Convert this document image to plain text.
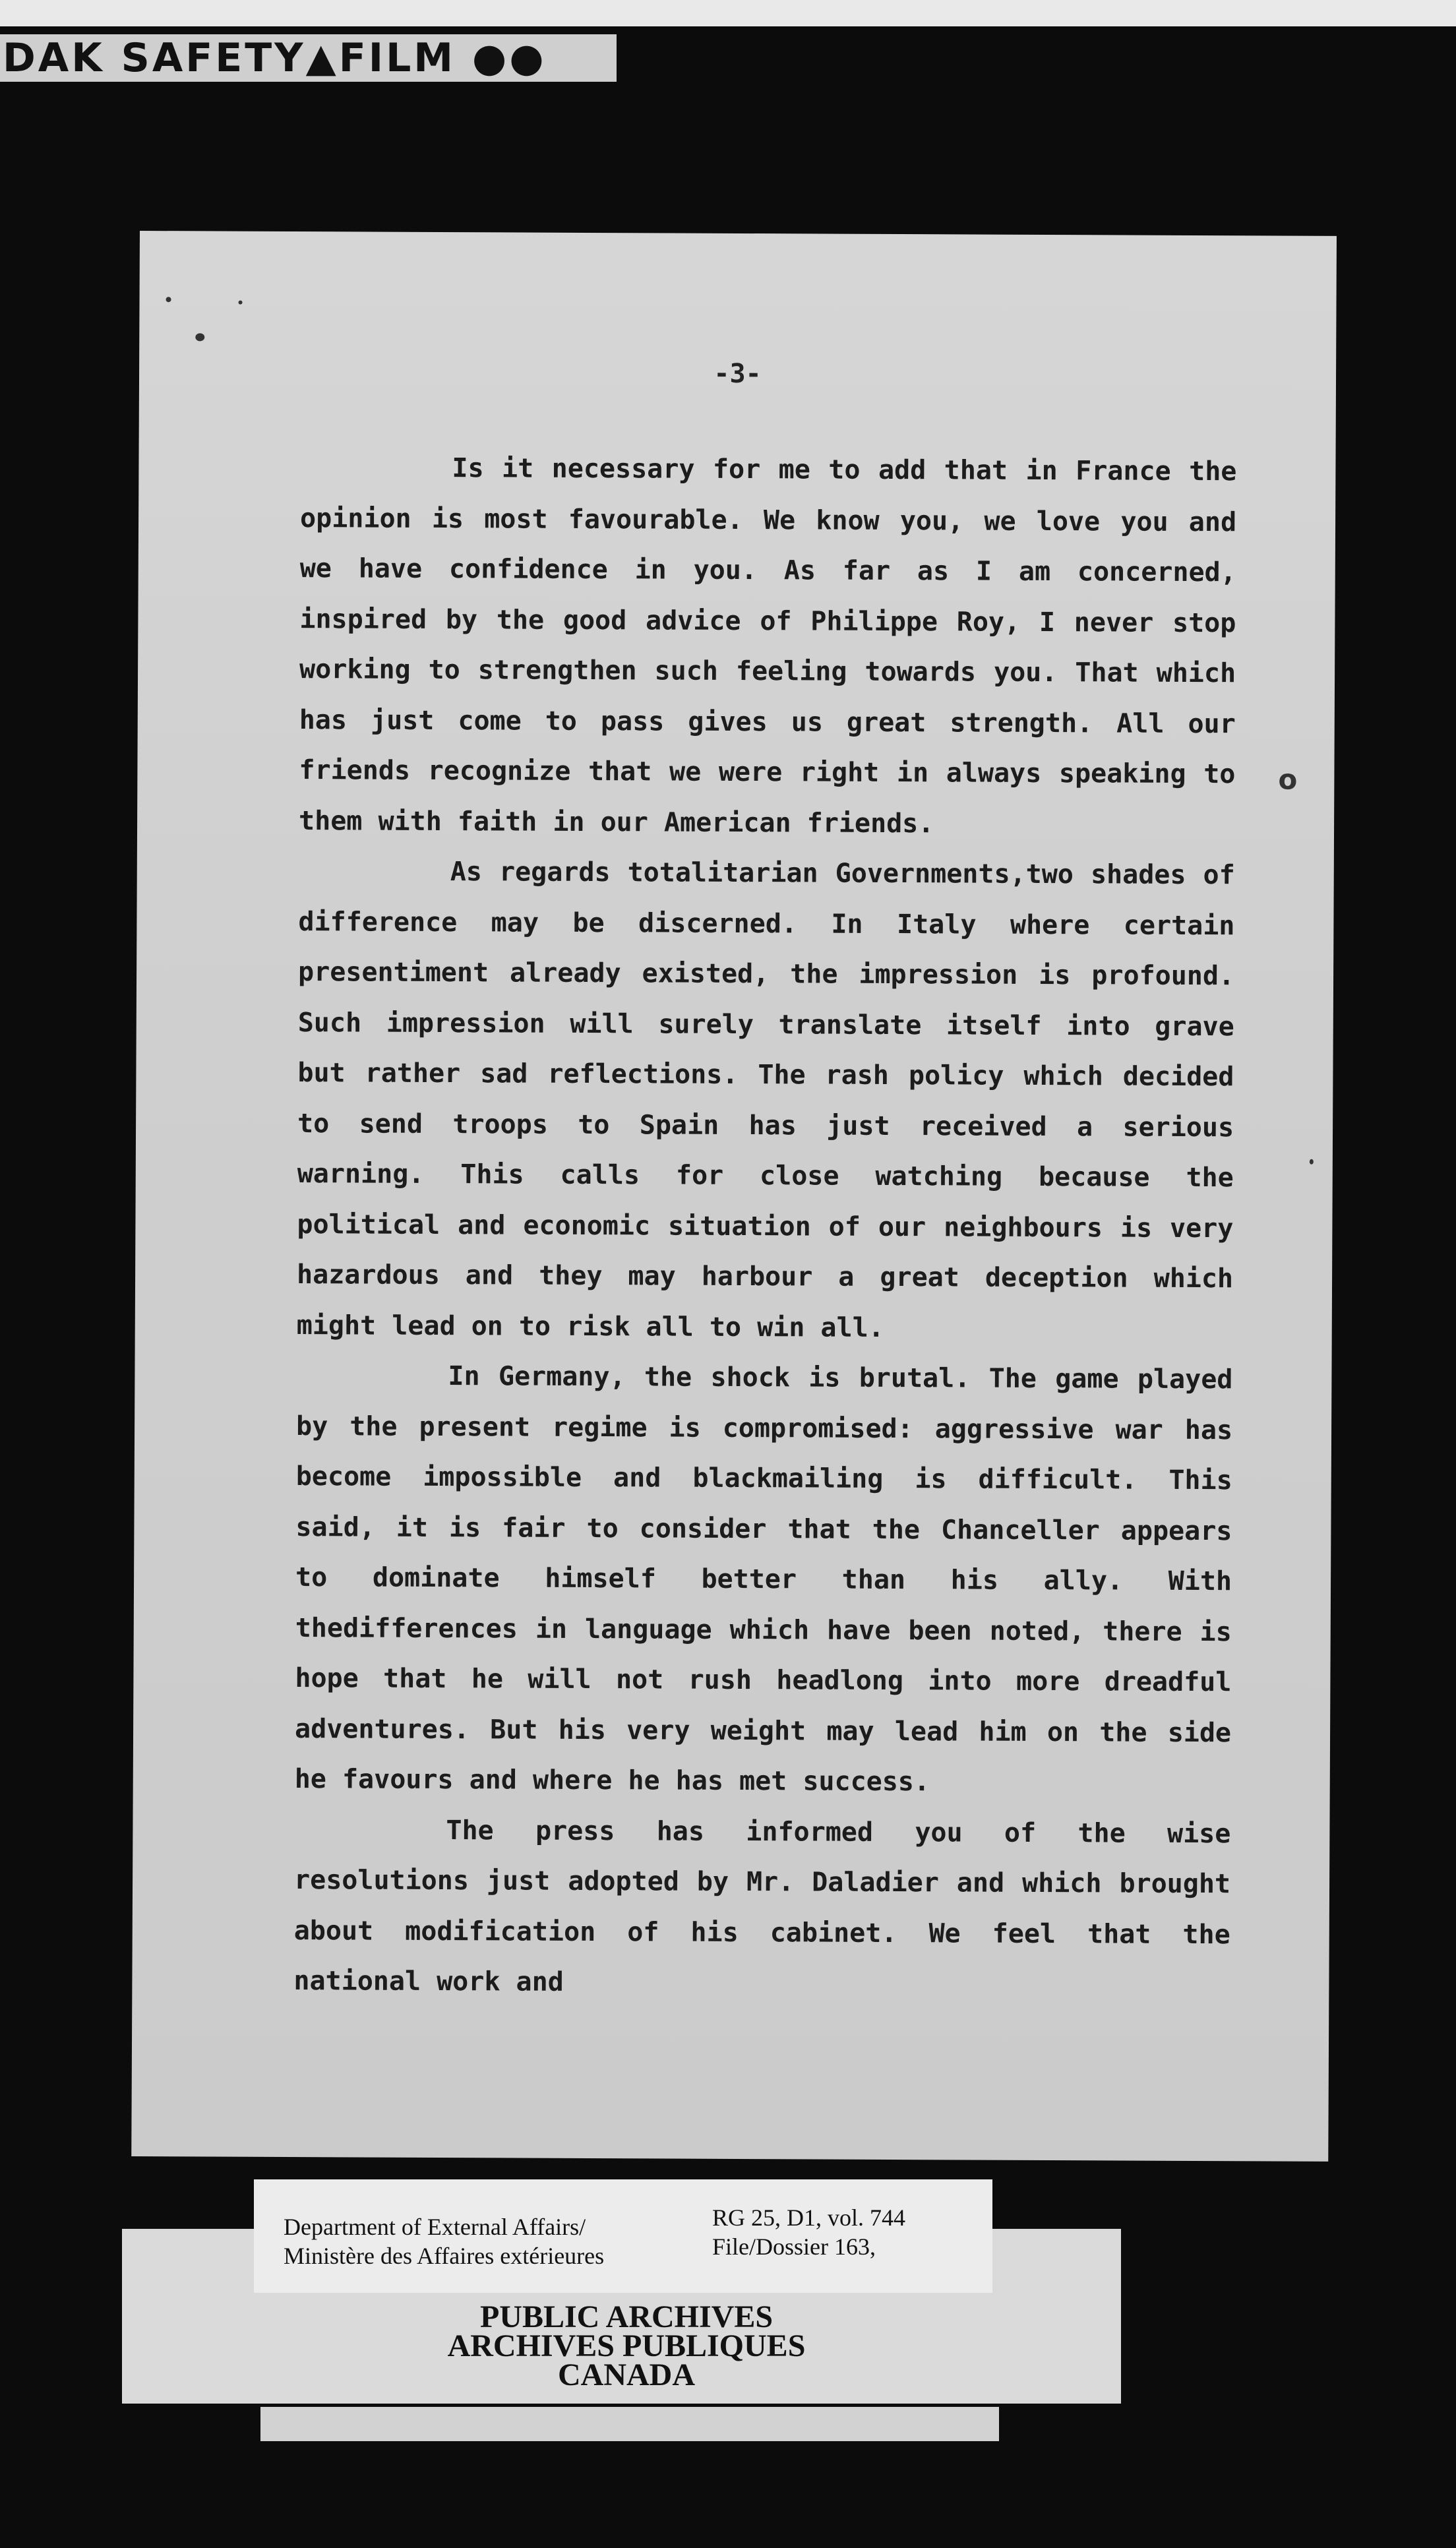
DAK SAFETY▲FILM ●●
-3-

Is it necessary for me to add that in France the opinion is most favourable. We know you, we love you and we have confidence in you. As far as I am concerned, inspired by the good advice of Philippe Roy, I never stop working to strengthen such feeling towards you. That which has just come to pass gives us great strength. All our friends recognize that we were right in always speaking to them with faith in our American friends.

As regards totalitarian Governments,two shades of difference may be discerned. In Italy where certain presentiment already existed, the impression is profound. Such impression will surely translate itself into grave but rather sad reflections. The rash policy which decided to send troops to Spain has just received a serious warning. This calls for close watching because the political and economic situation of our neighbours is very hazardous and they may harbour a great deception which might lead on to risk all to win all.

In Germany, the shock is brutal. The game played by the present regime is compromised: aggressive war has become impossible and blackmailing is difficult. This said, it is fair to consider that the Chanceller appears to dominate himself better than his ally. With thedifferences in language which have been noted, there is hope that he will not rush headlong into more dreadful adventures. But his very weight may lead him on the side he favours and where he has met success.

The press has informed you of the wise resolutions just adopted by Mr. Daladier and which brought about modification of his cabinet. We feel that the national work and

o
Department of External Affairs/
Ministère des Affaires extérieures
RG 25, D1, vol. 744
File/Dossier 163,
PUBLIC ARCHIVES
ARCHIVES PUBLIQUES
CANADA
